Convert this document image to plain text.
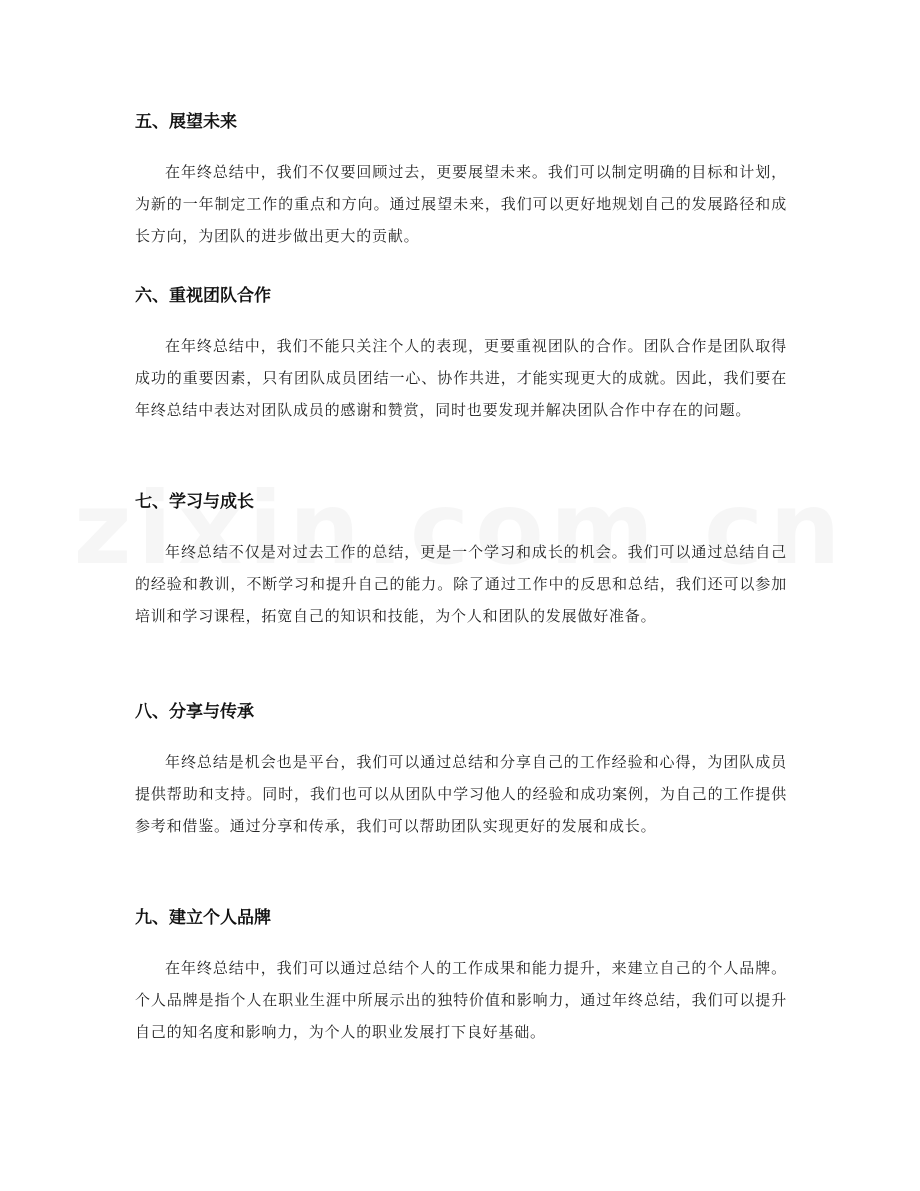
五、展望未来

在年终总结中，我们不仅要回顾过去，更要展望未来。我们可以制定明确的目标和计划，为新的一年制定工作的重点和方向。通过展望未来，我们可以更好地规划自己的发展路径和成长方向，为团队的进步做出更大的贡献。

六、重视团队合作

在年终总结中，我们不能只关注个人的表现，更要重视团队的合作。团队合作是团队取得成功的重要因素，只有团队成员团结一心、协作共进，才能实现更大的成就。因此，我们要在年终总结中表达对团队成员的感谢和赞赏，同时也要发现并解决团队合作中存在的问题。

七、学习与成长

年终总结不仅是对过去工作的总结，更是一个学习和成长的机会。我们可以通过总结自己的经验和教训，不断学习和提升自己的能力。除了通过工作中的反思和总结，我们还可以参加培训和学习课程，拓宽自己的知识和技能，为个人和团队的发展做好准备。

八、分享与传承

年终总结是机会也是平台，我们可以通过总结和分享自己的工作经验和心得，为团队成员提供帮助和支持。同时，我们也可以从团队中学习他人的经验和成功案例，为自己的工作提供参考和借鉴。通过分享和传承，我们可以帮助团队实现更好的发展和成长。

九、建立个人品牌

在年终总结中，我们可以通过总结个人的工作成果和能力提升，来建立自己的个人品牌。个人品牌是指个人在职业生涯中所展示出的独特价值和影响力，通过年终总结，我们可以提升自己的知名度和影响力，为个人的职业发展打下良好基础。
